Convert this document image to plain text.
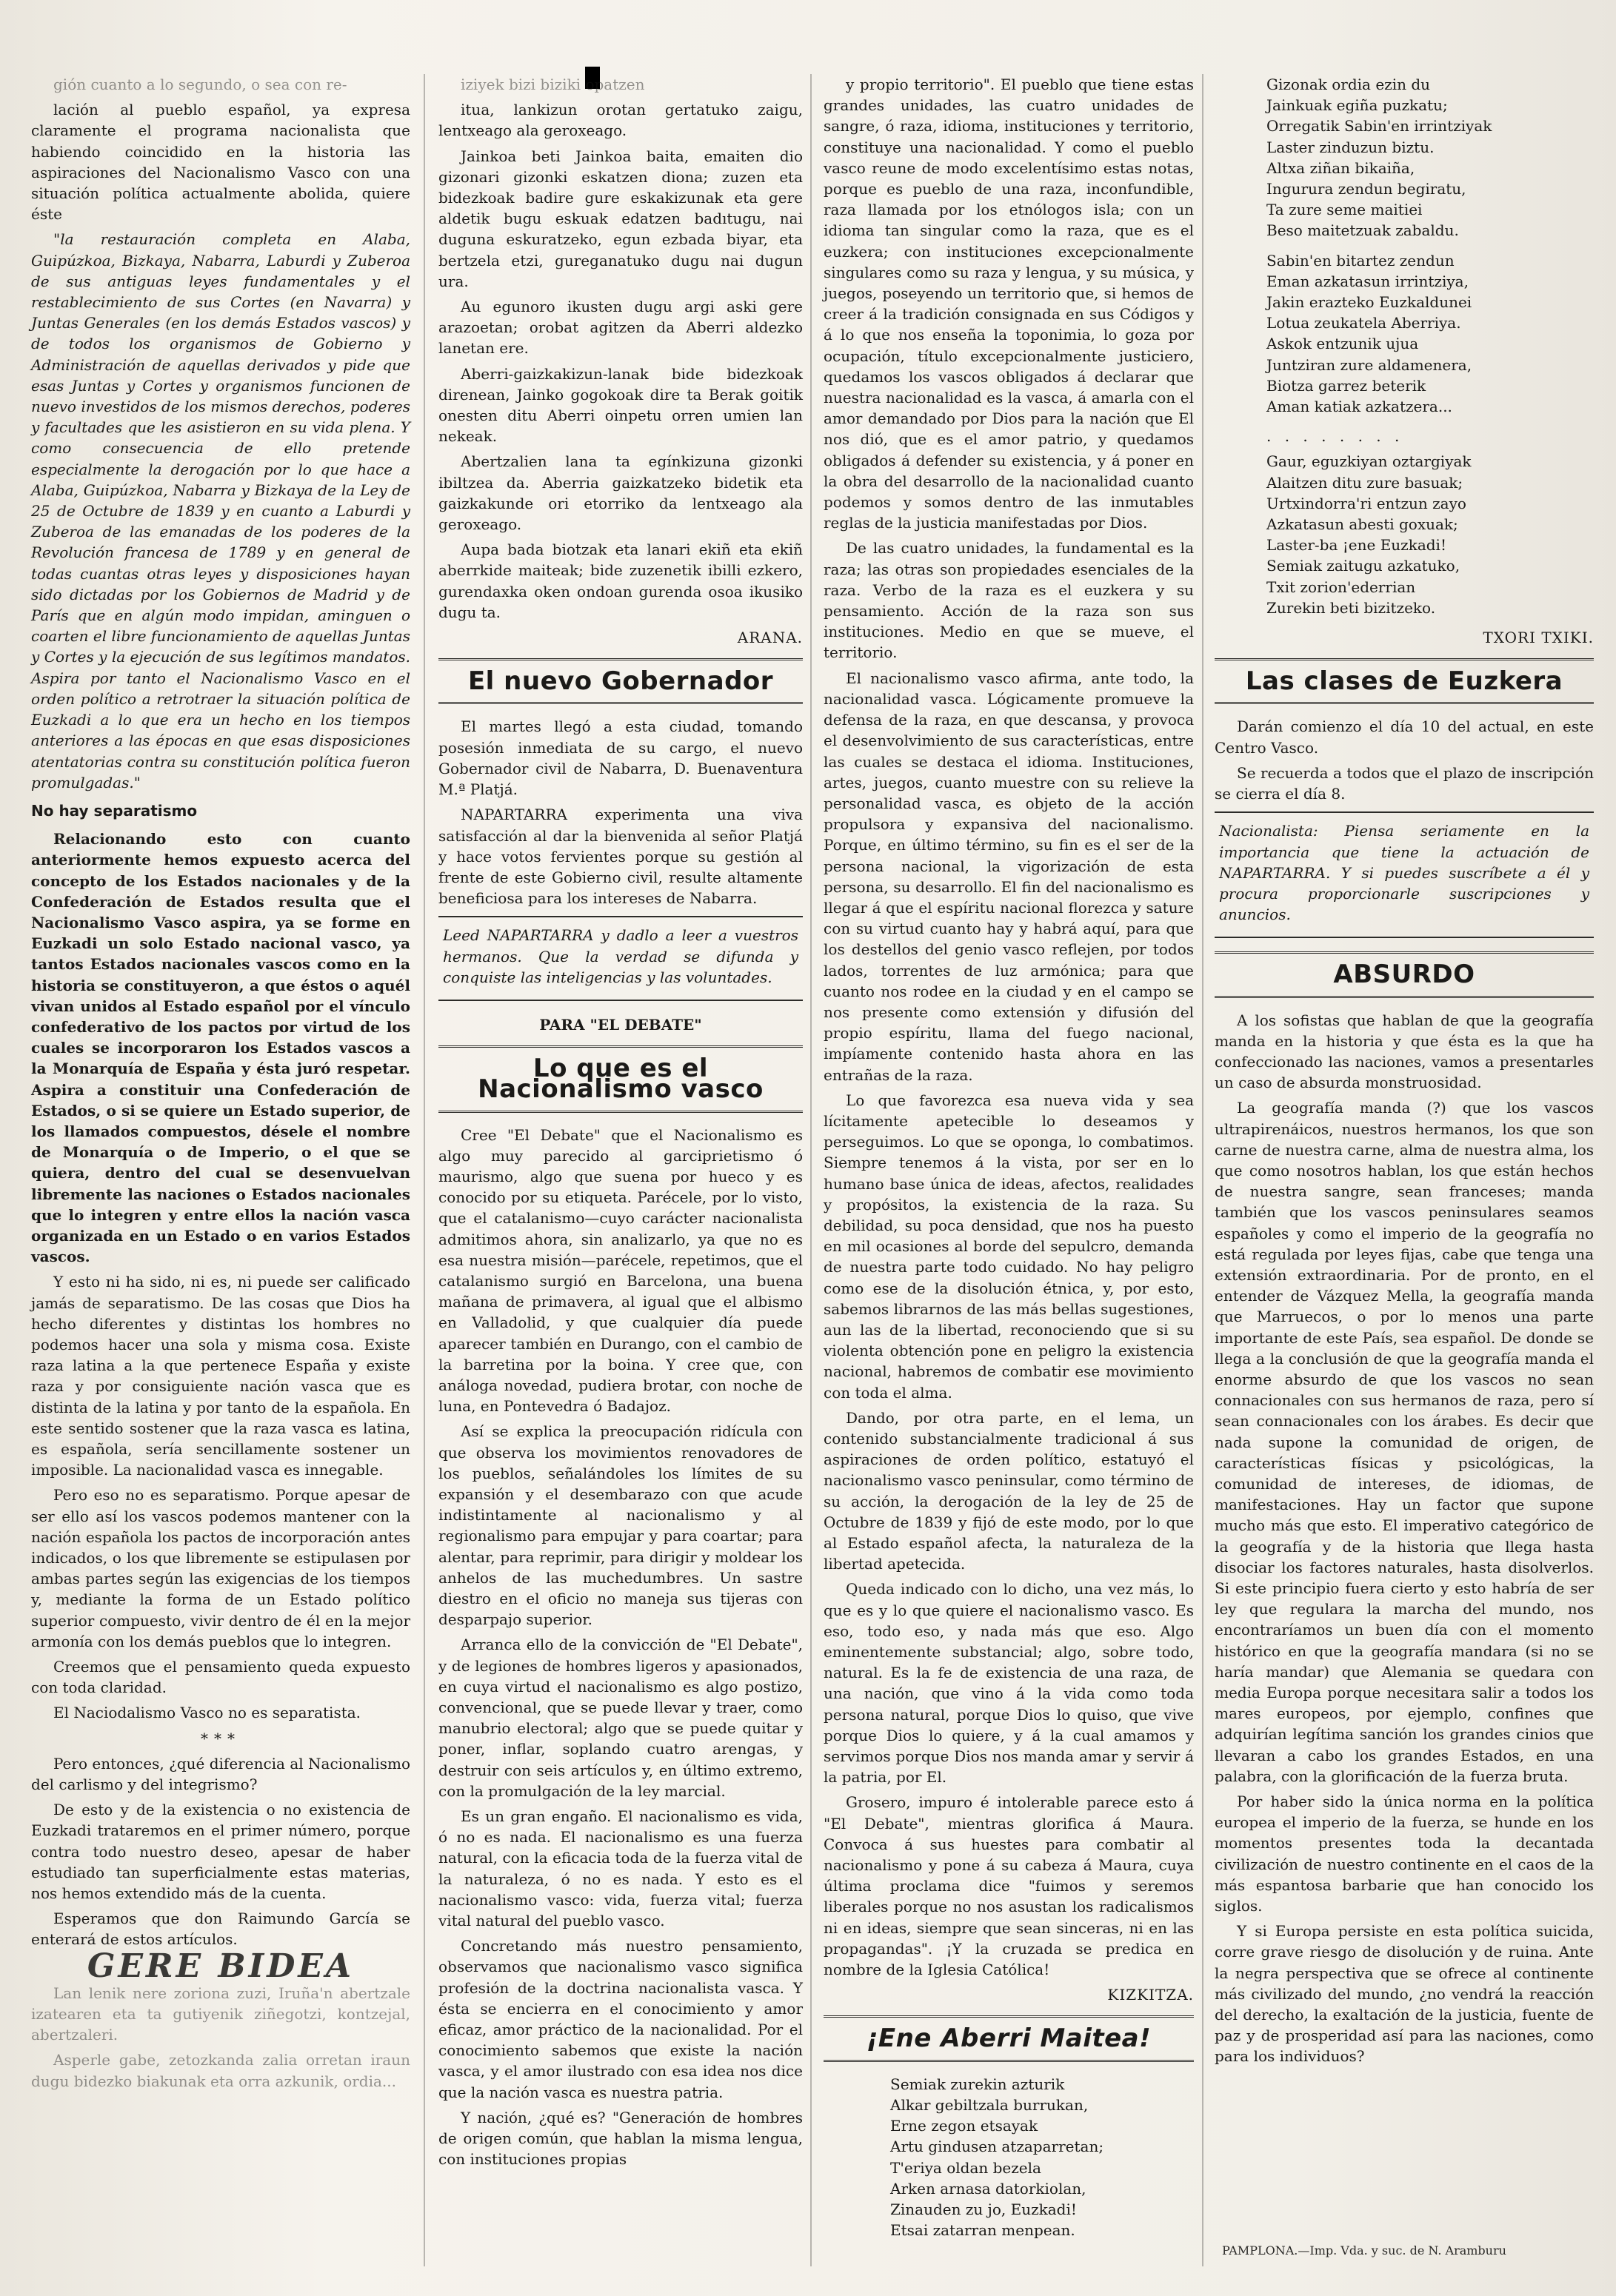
gión cuanto a lo segundo, o sea con re-

lación al pueblo español, ya expresa claramente el programa nacionalista que habiendo coincidido en la historia las aspiraciones del Nacionalismo Vasco con una situación política actualmente abolida, quiere éste

"la restauración completa en Alaba, Guipúzkoa, Bizkaya, Nabarra, Laburdi y Zuberoa de sus antiguas leyes fundamentales y el restablecimiento de sus Cortes (en Navarra) y Juntas Generales (en los demás Estados vascos) y de todos los organismos de Gobierno y Administración de aquellas derivados y pide que esas Juntas y Cortes y organismos funcionen de nuevo investidos de los mismos derechos, poderes y facultades que les asistieron en su vida plena. Y como consecuencia de ello pretende especialmente la derogación por lo que hace a Alaba, Guipúzkoa, Nabarra y Bizkaya de la Ley de 25 de Octubre de 1839 y en cuanto a Laburdi y Zuberoa de las emanadas de los poderes de la Revolución francesa de 1789 y en general de todas cuantas otras leyes y disposiciones hayan sido dictadas por los Gobiernos de Madrid y de París que en algún modo impidan, aminguen o coarten el libre funcionamiento de aquellas Juntas y Cortes y la ejecución de sus legítimos mandatos. Aspira por tanto el Nacionalismo Vasco en el orden político a retrotraer la situación política de Euzkadi a lo que era un hecho en los tiempos anteriores a las épocas en que esas disposiciones atentatorias contra su constitución política fueron promulgadas."

No hay separatismo

Relacionando esto con cuanto anteriormente hemos expuesto acerca del concepto de los Estados nacionales y de la Confederación de Estados resulta que el Nacionalismo Vasco aspira, ya se forme en Euzkadi un solo Estado nacional vasco, ya tantos Estados nacionales vascos como en la historia se constituyeron, a que éstos o aquél vivan unidos al Estado español por el vínculo confederativo de los pactos por virtud de los cuales se incorporaron los Estados vascos a la Monarquía de España y ésta juró respetar. Aspira a constituir una Confederación de Estados, o si se quiere un Estado superior, de los llamados compuestos, désele el nombre de Monarquía o de Imperio, o el que se quiera, dentro del cual se desenvuelvan libremente las naciones o Estados nacionales que lo integren y entre ellos la nación vasca organizada en un Estado o en varios Estados vascos.

Y esto ni ha sido, ni es, ni puede ser calificado jamás de separatismo. De las cosas que Dios ha hecho diferentes y distintas los hombres no podemos hacer una sola y misma cosa. Existe raza latina a la que pertenece España y existe raza y por consiguiente nación vasca que es distinta de la latina y por tanto de la española. En este sentido sostener que la raza vasca es latina, es española, sería sencillamente sostener un imposible. La nacionalidad vasca es innegable.

Pero eso no es separatismo. Porque apesar de ser ello así los vascos podemos mantener con la nación española los pactos de incorporación antes indicados, o los que libremente se estipulasen por ambas partes según las exigencias de los tiempos y, mediante la forma de un Estado político superior compuesto, vivir dentro de él en la mejor armonía con los demás pueblos que lo integren.

Creemos que el pensamiento queda expuesto con toda claridad.

El Naciodalismo Vasco no es separatista.

***

Pero entonces, ¿qué diferencia al Nacionalismo del carlismo y del integrismo?

De esto y de la existencia o no existencia de Euzkadi trataremos en el primer número, porque contra todo nuestro deseo, apesar de haber estudiado tan superficialmente estas materias, nos hemos extendido más de la cuenta.

Esperamos que don Raimundo García se enterará de estos artículos.

GERE BIDEA

Lan lenik nere zoriona zuzi, Iruña'n abertzale izatearen eta ta gutiyenik ziñegotzi, kontzejal, abertzaleri.

Asperle gabe, zetozkanda zalia orretan iraun dugu bidezko biakunak eta orra azkunik, ordia...

iziyek bizi biziki opatzen

itua, lankizun orotan gertatuko zaigu, lentxeago ala geroxeago.

Jainkoa beti Jainkoa baita, emaiten dio gizonari gizonki eskatzen diona; zuzen eta bidezkoak badire gure eskakizunak eta gere aldetik bugu eskuak edatzen badıtugu, nai duguna eskuratzeko, egun ezbada biyar, eta bertzela etzi, gureganatuko dugu nai dugun ura.

Au egunoro ikusten dugu argi aski gere arazoetan; orobat agitzen da Aberri aldezko lanetan ere.

Aberri-gaizkakizun-lanak bide bidezkoak direnean, Jainko gogokoak dire ta Berak goitik onesten ditu Aberri oinpetu orren umien lan nekeak.

Abertzalien lana ta egínkizuna gizonki ibiltzea da. Aberria gaizkatzeko bidetik eta gaizkakunde ori etorriko da lentxeago ala geroxeago.

Aupa bada biotzak eta lanari ekiñ eta ekiñ aberrkide maiteak; bide zuzenetik ibilli ezkero, gurendaxka oken ondoan gurenda osoa ikusiko dugu ta.

ARANA.
El nuevo Gobernador

El martes llegó a esta ciudad, tomando posesión inmediata de su cargo, el nuevo Gobernador civil de Nabarra, D. Buenaventura M.ª Platjá.

NAPARTARRA experimenta una viva satisfacción al dar la bienvenida al señor Platjá y hace votos fervientes porque su gestión al frente de este Gobierno civil, resulte altamente beneficiosa para los intereses de Nabarra.

Leed NAPARTARRA y dadlo a leer a vuestros hermanos. Que la verdad se difunda y conquiste las inteligencias y las voluntades.

PARA "EL DEBATE"
Lo que es el Nacionalismo vasco

Cree "El Debate" que el Nacionalismo es algo muy parecido al garciprietismo ó maurismo, algo que suena por hueco y es conocido por su etiqueta. Parécele, por lo visto, que el catalanismo—cuyo carácter nacionalista admitimos ahora, sin analizarlo, ya que no es esa nuestra misión—parécele, repetimos, que el catalanismo surgió en Barcelona, una buena mañana de primavera, al igual que el albismo en Valladolid, y que cualquier día puede aparecer también en Durango, con el cambio de la barretina por la boina. Y cree que, con análoga novedad, pudiera brotar, con noche de luna, en Pontevedra ó Badajoz.

Así se explica la preocupación ridícula con que observa los movimientos renovadores de los pueblos, señalándoles los límites de su expansión y el desembarazo con que acude indistintamente al nacionalismo y al regionalismo para empujar y para coartar; para alentar, para reprimir, para dirigir y moldear los anhelos de las muchedumbres. Un sastre diestro en el oficio no maneja sus tijeras con desparpajo superior.

Arranca ello de la convicción de "El Debate", y de legiones de hombres ligeros y apasionados, en cuya virtud el nacionalismo es algo postizo, convencional, que se puede llevar y traer, como manubrio electoral; algo que se puede quitar y poner, inflar, soplando cuatro arengas, y destruir con seis artículos y, en último extremo, con la promulgación de la ley marcial.

Es un gran engaño. El nacionalismo es vida, ó no es nada. El nacionalismo es una fuerza natural, con la eficacia toda de la fuerza vital de la naturaleza, ó no es nada. Y esto es el nacionalismo vasco: vida, fuerza vital; fuerza vital natural del pueblo vasco.

Concretando más nuestro pensamiento, observamos que nacionalismo vasco significa profesión de la doctrina nacionalista vasca. Y ésta se encierra en el conocimiento y amor eficaz, amor práctico de la nacionalidad. Por el conocimiento sabemos que existe la nación vasca, y el amor ilustrado con esa idea nos dice que la nación vasca es nuestra patria.

Y nación, ¿qué es? "Generación de hombres de origen común, que hablan la misma lengua, con instituciones propias

y propio territorio". El pueblo que tiene estas grandes unidades, las cuatro unidades de sangre, ó raza, idioma, instituciones y territorio, constituye una nacionalidad. Y como el pueblo vasco reune de modo excelentísimo estas notas, porque es pueblo de una raza, inconfundible, raza llamada por los etnólogos isla; con un idioma tan singular como la raza, que es el euzkera; con instituciones excepcionalmente singulares como su raza y lengua, y su música, y juegos, poseyendo un territorio que, si hemos de creer á la tradición consignada en sus Códigos y á lo que nos enseña la toponimia, lo goza por ocupación, título excepcionalmente justiciero, quedamos los vascos obligados á declarar que nuestra nacionalidad es la vasca, á amarla con el amor demandado por Dios para la nación que El nos dió, que es el amor patrio, y quedamos obligados á defender su existencia, y á poner en la obra del desarrollo de la nacionalidad cuanto podemos y somos dentro de las inmutables reglas de la justicia manifestadas por Dios.

De las cuatro unidades, la fundamental es la raza; las otras son propiedades esenciales de la raza. Verbo de la raza es el euzkera y su pensamiento. Acción de la raza son sus instituciones. Medio en que se mueve, el territorio.

El nacionalismo vasco afirma, ante todo, la nacionalidad vasca. Lógicamente promueve la defensa de la raza, en que descansa, y provoca el desenvolvimiento de sus características, entre las cuales se destaca el idioma. Instituciones, artes, juegos, cuanto muestre con su relieve la personalidad vasca, es objeto de la acción propulsora y expansiva del nacionalismo. Porque, en último término, su fin es el ser de la persona nacional, la vigorización de esta persona, su desarrollo. El fin del nacionalismo es llegar á que el espíritu nacional florezca y sature con su virtud cuanto hay y habrá aquí, para que los destellos del genio vasco reflejen, por todos lados, torrentes de luz armónica; para que cuanto nos rodee en la ciudad y en el campo se nos presente como extensión y difusión del propio espíritu, llama del fuego nacional, impíamente contenido hasta ahora en las entrañas de la raza.

Lo que favorezca esa nueva vida y sea lícitamente apetecible lo deseamos y perseguimos. Lo que se oponga, lo combatimos. Siempre tenemos á la vista, por ser en lo humano base única de ideas, afectos, realidades y propósitos, la existencia de la raza. Su debilidad, su poca densidad, que nos ha puesto en mil ocasiones al borde del sepulcro, demanda de nuestra parte todo cuidado. No hay peligro como ese de la disolución étnica, y, por esto, sabemos librarnos de las más bellas sugestiones, aun las de la libertad, reconociendo que si su violenta obtención pone en peligro la existencia nacional, habremos de combatir ese movimiento con toda el alma.

Dando, por otra parte, en el lema, un contenido substancialmente tradicional á sus aspiraciones de orden político, estatuyó el nacionalismo vasco peninsular, como término de su acción, la derogación de la ley de 25 de Octubre de 1839 y fijó de este modo, por lo que al Estado español afecta, la naturaleza de la libertad apetecida.

Queda indicado con lo dicho, una vez más, lo que es y lo que quiere el nacionalismo vasco. Es eso, todo eso, y nada más que eso. Algo eminentemente substancial; algo, sobre todo, natural. Es la fe de existencia de una raza, de una nación, que vino á la vida como toda persona natural, porque Dios lo quiso, que vive porque Dios lo quiere, y á la cual amamos y servimos porque Dios nos manda amar y servir á la patria, por El.

Grosero, impuro é intolerable parece esto á "El Debate", mientras glorifica á Maura. Convoca á sus huestes para combatir al nacionalismo y pone á su cabeza á Maura, cuya última proclama dice "fuimos y seremos liberales porque no nos asustan los radicalismos ni en ideas, siempre que sean sinceras, ni en las propagandas". ¡Y la cruzada se predica en nombre de la Iglesia Católica!

KIZKITZA.
¡Ene Aberri Maitea!

Semiak zurekin azturik

Alkar gebiltzala burrukan,

Erne zegon etsayak

Artu gindusen atzaparretan;

T'eriya oldan bezela

Arken arnasa datorkiolan,

Zinauden zu jo, Euzkadi!

Etsai zatarran menpean.

Gizonak ordia ezin du

Jainkuak egiña puzkatu;

Orregatik Sabin'en irrintziyak

Laster zinduzun biztu.

Altxa ziñan bikaiña,

Ingurura zendun begiratu,

Ta zure seme maitiei

Beso maitetzuak zabaldu.

Sabin'en bitartez zendun

Eman azkatasun irrintziya,

Jakin erazteko Euzkaldunei

Lotua zeukatela Aberriya.

Askok entzunik ujua

Juntziran zure aldamenera,

Biotza garrez beterik

Aman katiak azkatzera...

. . . . . . . .

Gaur, eguzkiyan oztargiyak

Alaitzen ditu zure basuak;

Urtxindorra'ri entzun zayo

Azkatasun abesti goxuak;

Laster-ba ¡ene Euzkadi!

Semiak zaitugu azkatuko,

Txit zorion'ederrian

Zurekin beti bizitzeko.

TXORI TXIKI.
Las clases de Euzkera

Darán comienzo el día 10 del actual, en este Centro Vasco.

Se recuerda a todos que el plazo de inscripción se cierra el día 8.

Nacionalista: Piensa seriamente en la importancia que tiene la actuación de NAPARTARRA. Y si puedes suscríbete a él y procura proporcionarle suscripciones y anuncios.

ABSURDO

A los sofistas que hablan de que la geografía manda en la historia y que ésta es la que ha confeccionado las naciones, vamos a presentarles un caso de absurda monstruosidad.

La geografía manda (?) que los vascos ultrapirenáicos, nuestros hermanos, los que son carne de nuestra carne, alma de nuestra alma, los que como nosotros hablan, los que están hechos de nuestra sangre, sean franceses; manda también que los vascos peninsulares seamos españoles y como el imperio de la geografía no está regulada por leyes fijas, cabe que tenga una extensión extraordinaria. Por de pronto, en el entender de Vázquez Mella, la geografía manda que Marruecos, o por lo menos una parte importante de este País, sea español. De donde se llega a la conclusión de que la geografía manda el enorme absurdo de que los vascos no sean connacionales con sus hermanos de raza, pero sí sean connacionales con los árabes. Es decir que nada supone la comunidad de origen, de características físicas y psicológicas, la comunidad de intereses, de idiomas, de manifestaciones. Hay un factor que supone mucho más que esto. El imperativo categórico de la geografía y de la historia que llega hasta disociar los factores naturales, hasta disolverlos. Si este principio fuera cierto y esto habría de ser ley que regulara la marcha del mundo, nos encontraríamos un buen día con el momento histórico en que la geografía mandara (si no se haría mandar) que Alemania se quedara con media Europa porque necesitara salir a todos los mares europeos, por ejemplo, confines que adquirían legítima sanción los grandes cinios que llevaran a cabo los grandes Estados, en una palabra, con la glorificación de la fuerza bruta.

Por haber sido la única norma en la política europea el imperio de la fuerza, se hunde en los momentos presentes toda la decantada civilización de nuestro continente en el caos de la más espantosa barbarie que han conocido los siglos.

Y si Europa persiste en esta política suicida, corre grave riesgo de disolución y de ruina. Ante la negra perspectiva que se ofrece al continente más civilizado del mundo, ¿no vendrá la reacción del derecho, la exaltación de la justicia, fuente de paz y de prosperidad así para las naciones, como para los individuos?

PAMPLONA.—Imp. Vda. y suc. de N. Aramburu
